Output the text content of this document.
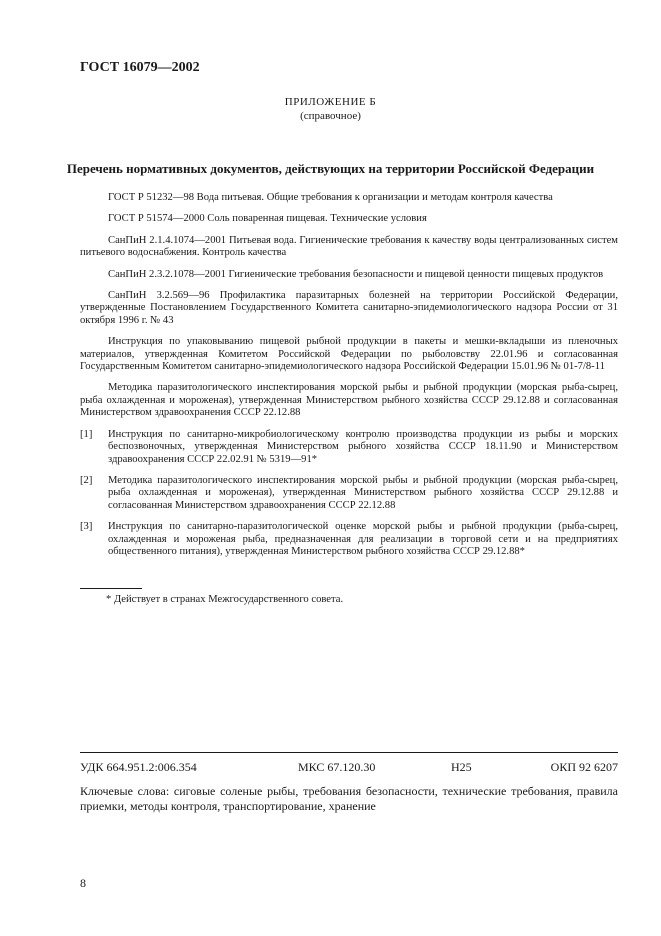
ГОСТ 16079—2002
ПРИЛОЖЕНИЕ Б
(справочное)
Перечень нормативных документов, действующих на территории Российской Федерации

ГОСТ Р 51232—98 Вода питьевая. Общие требования к организации и методам контроля качества

ГОСТ Р 51574—2000 Соль поваренная пищевая. Технические условия

СанПиН 2.1.4.1074—2001 Питьевая вода. Гигиенические требования к качеству воды централизованных систем питьевого водоснабжения. Контроль качества

СанПиН 2.3.2.1078—2001 Гигиенические требования безопасности и пищевой ценности пищевых продуктов

СанПиН 3.2.569—96 Профилактика паразитарных болезней на территории Российской Федерации, утвержденные Постановлением Государственного Комитета санитарно-эпидемиологического надзора России от 31 октября 1996 г. № 43

Инструкция по упаковыванию пищевой рыбной продукции в пакеты и мешки-вкладыши из пленочных материалов, утвержденная Комитетом Российской Федерации по рыболовству 22.01.96 и согласованная Государственным Комитетом санитарно-эпидемиологического надзора Российской Федерации 15.01.96 № 01-7/8-11

Методика паразитологического инспектирования морской рыбы и рыбной продукции (морская рыба-сырец, рыба охлажденная и мороженая), утвержденная Министерством рыбного хозяйства СССР 29.12.88 и согласованная Министерством здравоохранения СССР 22.12.88

[1]	Инструкция по санитарно-микробиологическому контролю производства продукции из рыбы и морских беспозвоночных, утвержденная Министерством рыбного хозяйства СССР 18.11.90 и Министерством здравоохранения СССР 22.02.91 № 5319—91*
[2]	Методика паразитологического инспектирования морской рыбы и рыбной продукции (морская рыба-сырец, рыба охлажденная и мороженая), утвержденная Министерством рыбного хозяйства СССР 29.12.88 и согласованная Министерством здравоохранения СССР 22.12.88
[3]	Инструкция по санитарно-паразитологической оценке морской рыбы и рыбной продукции (рыба-сырец, охлажденная и мороженая рыба, предназначенная для реализации в торговой сети и на предприятиях общественного питания), утвержденная Министерством рыбного хозяйства СССР 29.12.88*
* Действует в странах Межгосударственного совета.
УДК 664.951.2:006.354	МКС 67.120.30	Н25	ОКП 92 6207
Ключевые слова: сиговые соленые рыбы, требования безопасности, технические требования, правила приемки, методы контроля, транспортирование, хранение
8
